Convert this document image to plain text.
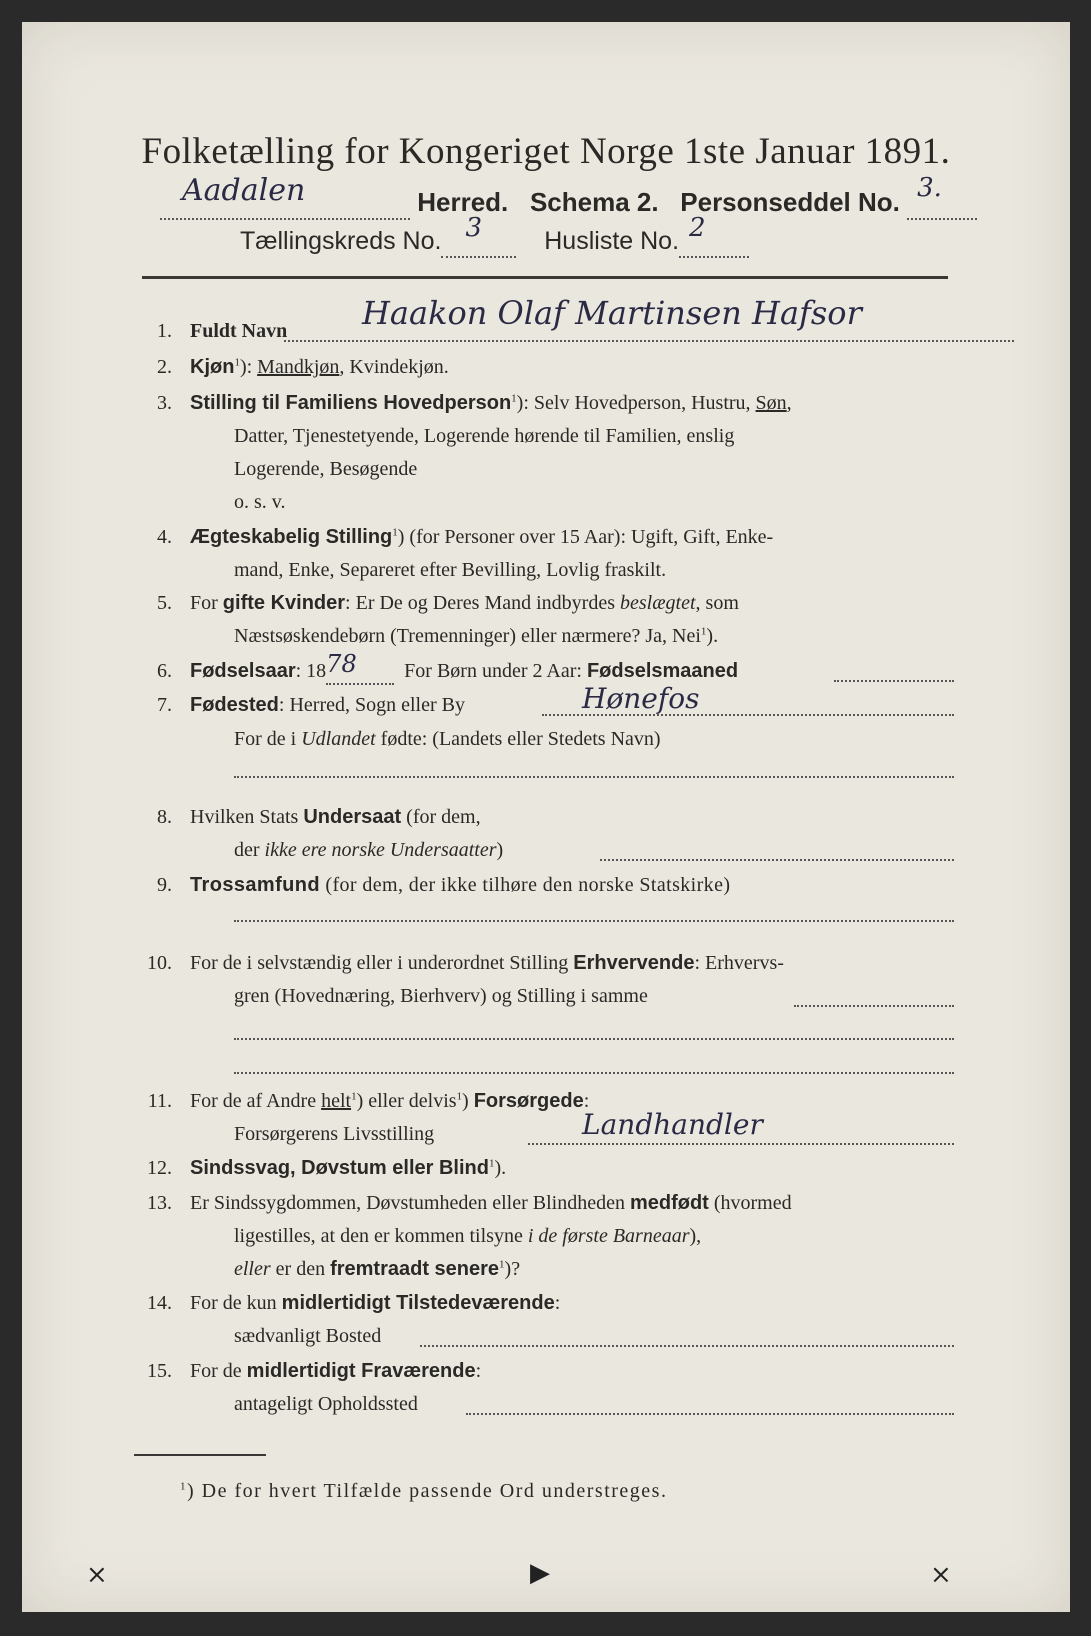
Folketælling for Kongeriget Norge 1ste Januar 1891.
Aadalen	Herred. Schema 2. Personseddel No. 3.

Tællingskreds No. 3 Husliste No. 2

1. Fuldt Navn Haakon Olaf Martinsen Hafsor
2. Kjøn$^1$): Mandkjøn, Kvindekjøn.
3. Stilling til Familiens Hovedperson$^1$): Selv Hovedperson, Hustru, Søn,
Datter, Tjenestetyende, Logerende hørende til Familien, enslig
Logerende, Besøgende
o. s. v.
4. Ægteskabelig Stilling$^1$) (for Personer over 15 Aar): Ugift, Gift, Enke-
mand, Enke, Separeret efter Bevilling, Lovlig fraskilt.
5. For gifte Kvinder: Er De og Deres Mand indbyrdes beslægtet, som
Næstsøskendebørn (Tremenninger) eller nærmere? Ja, Nei$^1$).
6. Fødselsaar: 18 78 For Børn under 2 Aar: Fødselsmaaned
7. Fødested: Herred, Sogn eller By	Hønefos
For de i Udlandet fødte: (Landets eller Stedets Navn)
8. Hvilken Stats Undersaat (for dem,
der ikke ere norske Undersaatter)
9. Trossamfund (for dem, der ikke tilhøre den norske Statskirke)
10. For de i selvstændig eller i underordnet Stilling Erhvervende: Erhvervs-
gren (Hovednæring, Bierhverv) og Stilling i samme
11. For de af Andre helt$^1$) eller delvis$^1$) Forsørgede:
Forsørgerens Livsstilling	Landhandler
12. Sindssvag, Døvstum eller Blind$^1$).
13. Er Sindssygdommen, Døvstumheden eller Blindheden medfødt (hvormed
ligestilles, at den er kommen tilsyne i de første Barneaar),
eller er den fremtraadt senere$^1$)?
14. For de kun midlertidigt Tilstedeværende:
sædvanligt Bosted
15. For de midlertidigt Fraværende:
antageligt Opholdssted
$^1$) De for hvert Tilfælde passende Ord understreges.
⨯	▶	⨯
